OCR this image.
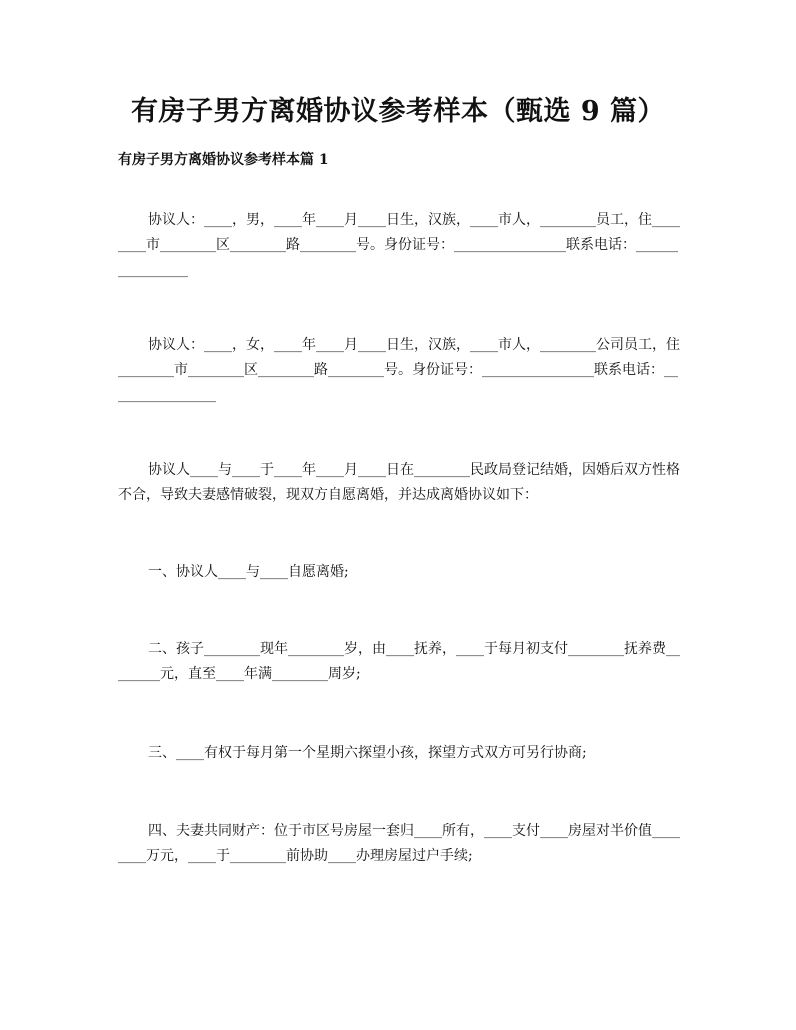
有房子男方离婚协议参考样本（甄选 9 篇）
有房子男方离婚协议参考样本篇 1

协议人：____，男，____年____月____日生，汉族，____市人，________员工，住________市________区________路________号。身份证号：________________联系电话：________________

协议人：____，女，____年____月____日生，汉族，____市人，________公司员工，住________市________区________路________号。身份证号：________________联系电话：________________

协议人____与____于____年____月____日在________民政局登记结婚，因婚后双方性格不合，导致夫妻感情破裂，现双方自愿离婚，并达成离婚协议如下：

一、协议人____与____自愿离婚;

二、孩子________现年________岁，由____抚养，____于每月初支付________抚养费________元，直至____年满________周岁;

三、____有权于每月第一个星期六探望小孩，探望方式双方可另行协商;

四、夫妻共同财产：位于市区号房屋一套归____所有，____支付____房屋对半价值________万元，____于________前协助____办理房屋过户手续;
